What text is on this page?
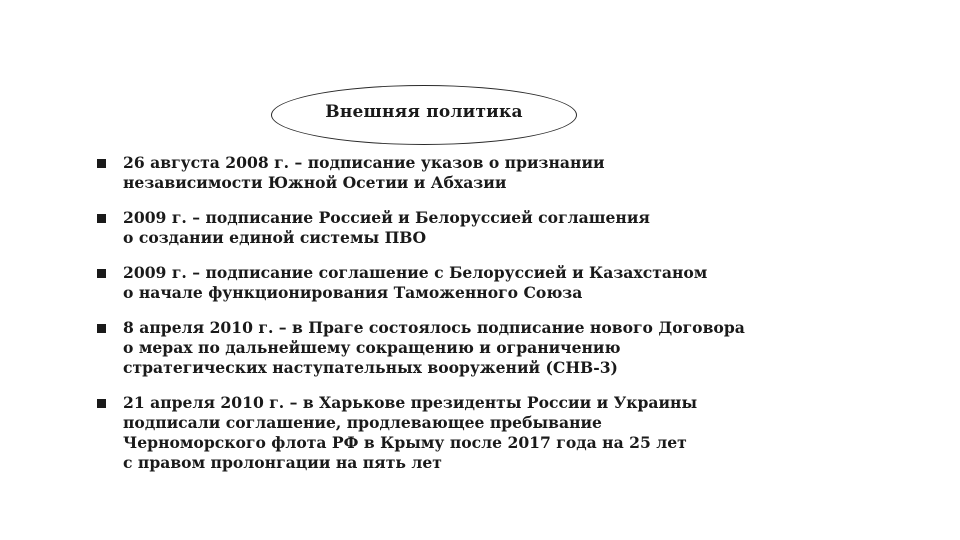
Внешняя политика
26 августа 2008 г. – подписание указов о признании
независимости Южной Осетии и Абхазии
2009 г. – подписание Россией и Белоруссией соглашения
о создании единой системы ПВО
2009 г. – подписание соглашение с Белоруссией и Казахстаном
о начале функционирования Таможенного Союза
8 апреля 2010 г. – в Праге состоялось подписание нового Договора
о мерах по дальнейшему сокращению и ограничению
стратегических наступательных вооружений (СНВ-3)
21 апреля 2010 г. – в Харькове президенты России и Украины
подписали соглашение, продлевающее пребывание
Черноморского флота РФ в Крыму после 2017 года на 25 лет
с правом пролонгации на пять лет
